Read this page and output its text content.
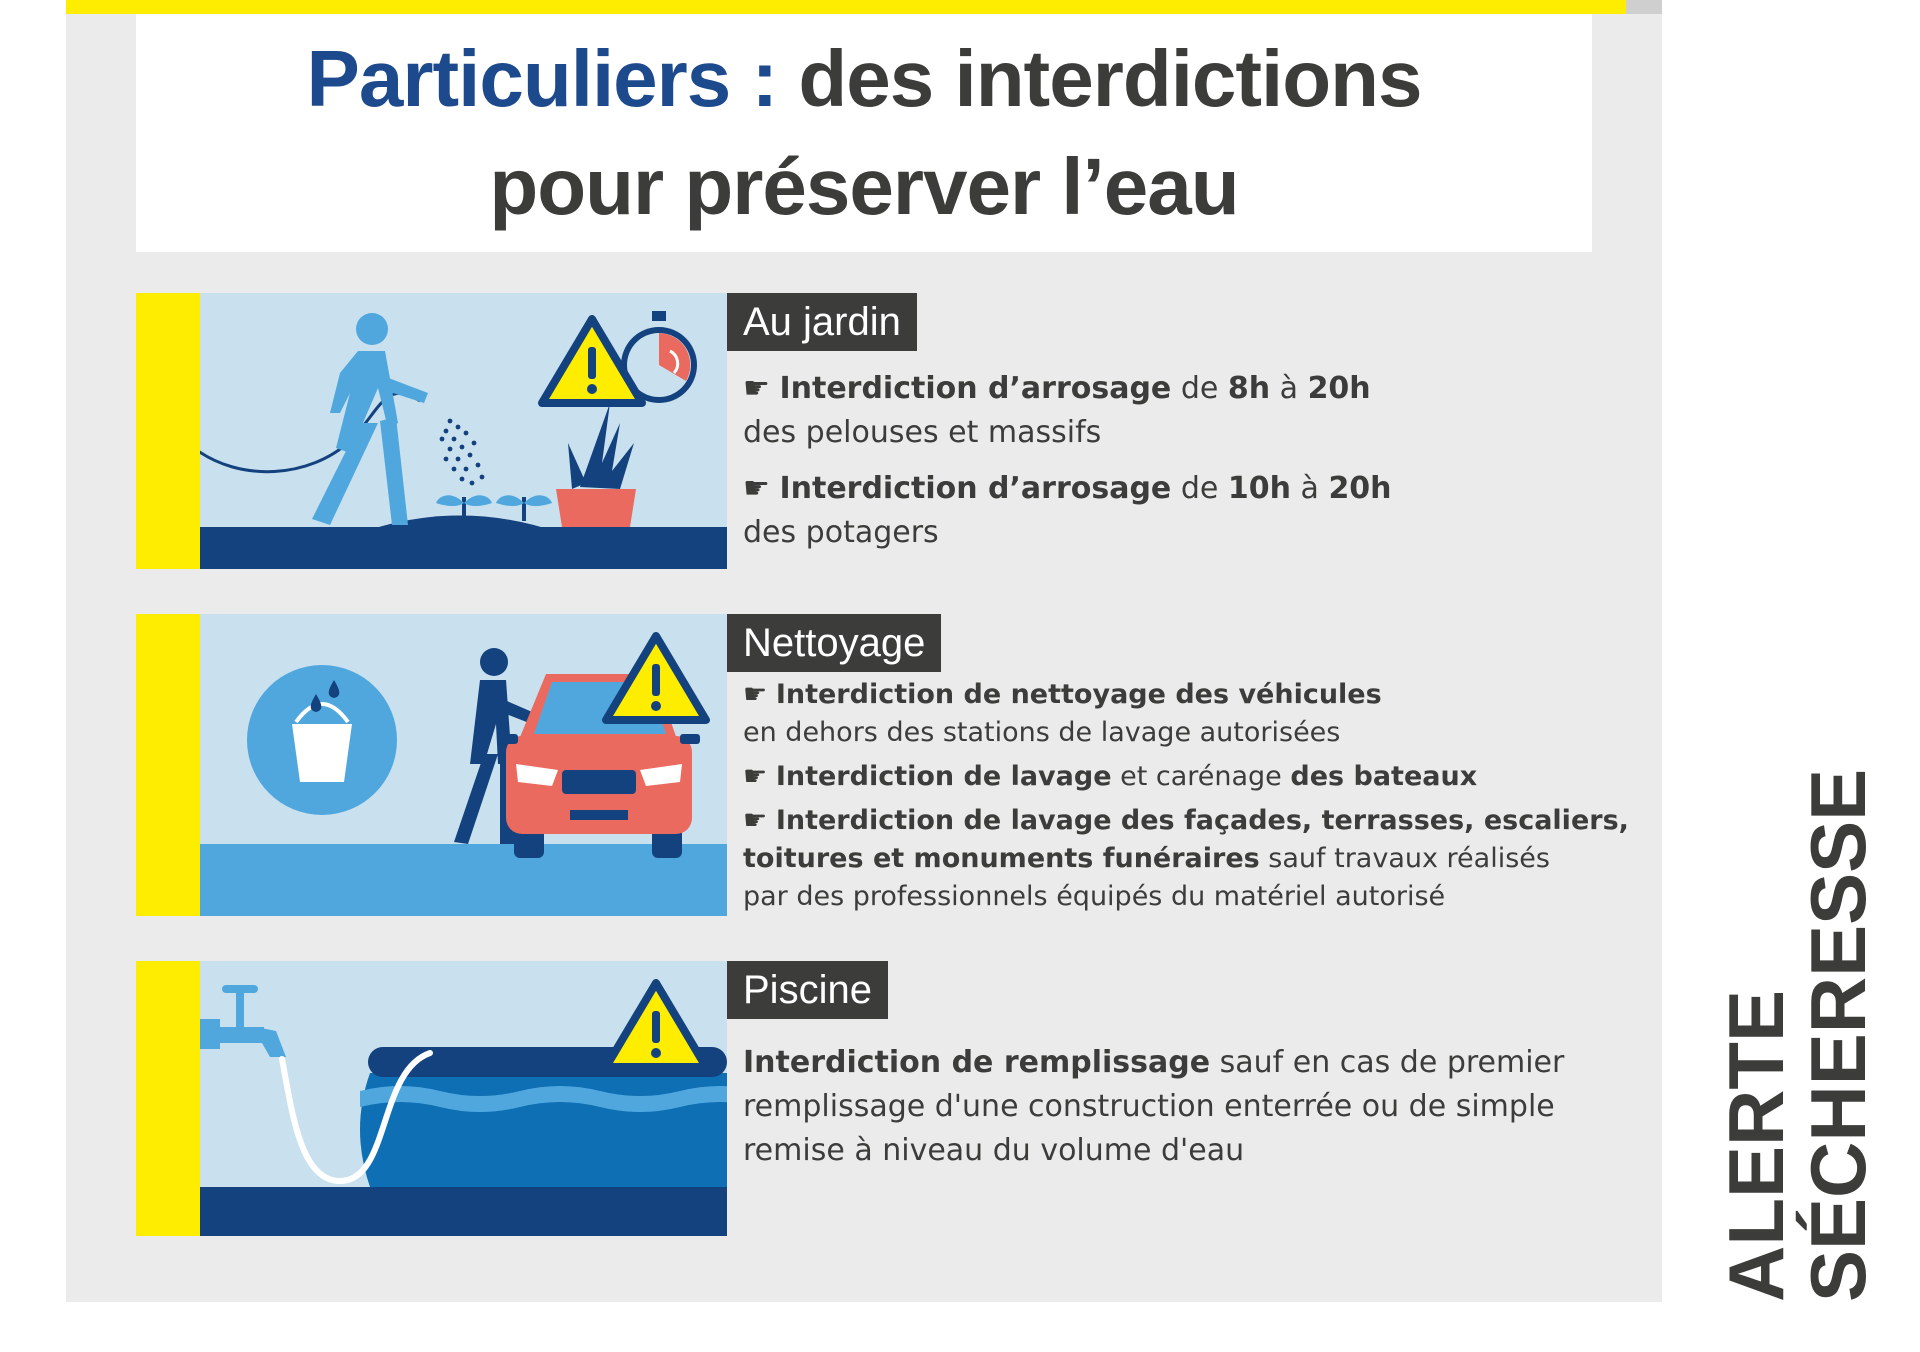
Particuliers : des interdictions
pour préserver l’eau
Au jardin
☛ Interdiction d’arrosage de 8h à 20h
des pelouses et massifs
☛ Interdiction d’arrosage de 10h à 20h
des potagers
Nettoyage
☛ Interdiction de nettoyage des véhicules
en dehors des stations de lavage autorisées
☛ Interdiction de lavage et carénage des bateaux
☛ Interdiction de lavage des façades, terrasses, escaliers,
toitures et monuments funéraires sauf travaux réalisés
par des professionnels équipés du matériel autorisé
Piscine
Interdiction de remplissage sauf en cas de premier
remplissage d'une construction enterrée ou de simple
remise à niveau du volume d'eau	ALERTE
SÉCHERESSE
